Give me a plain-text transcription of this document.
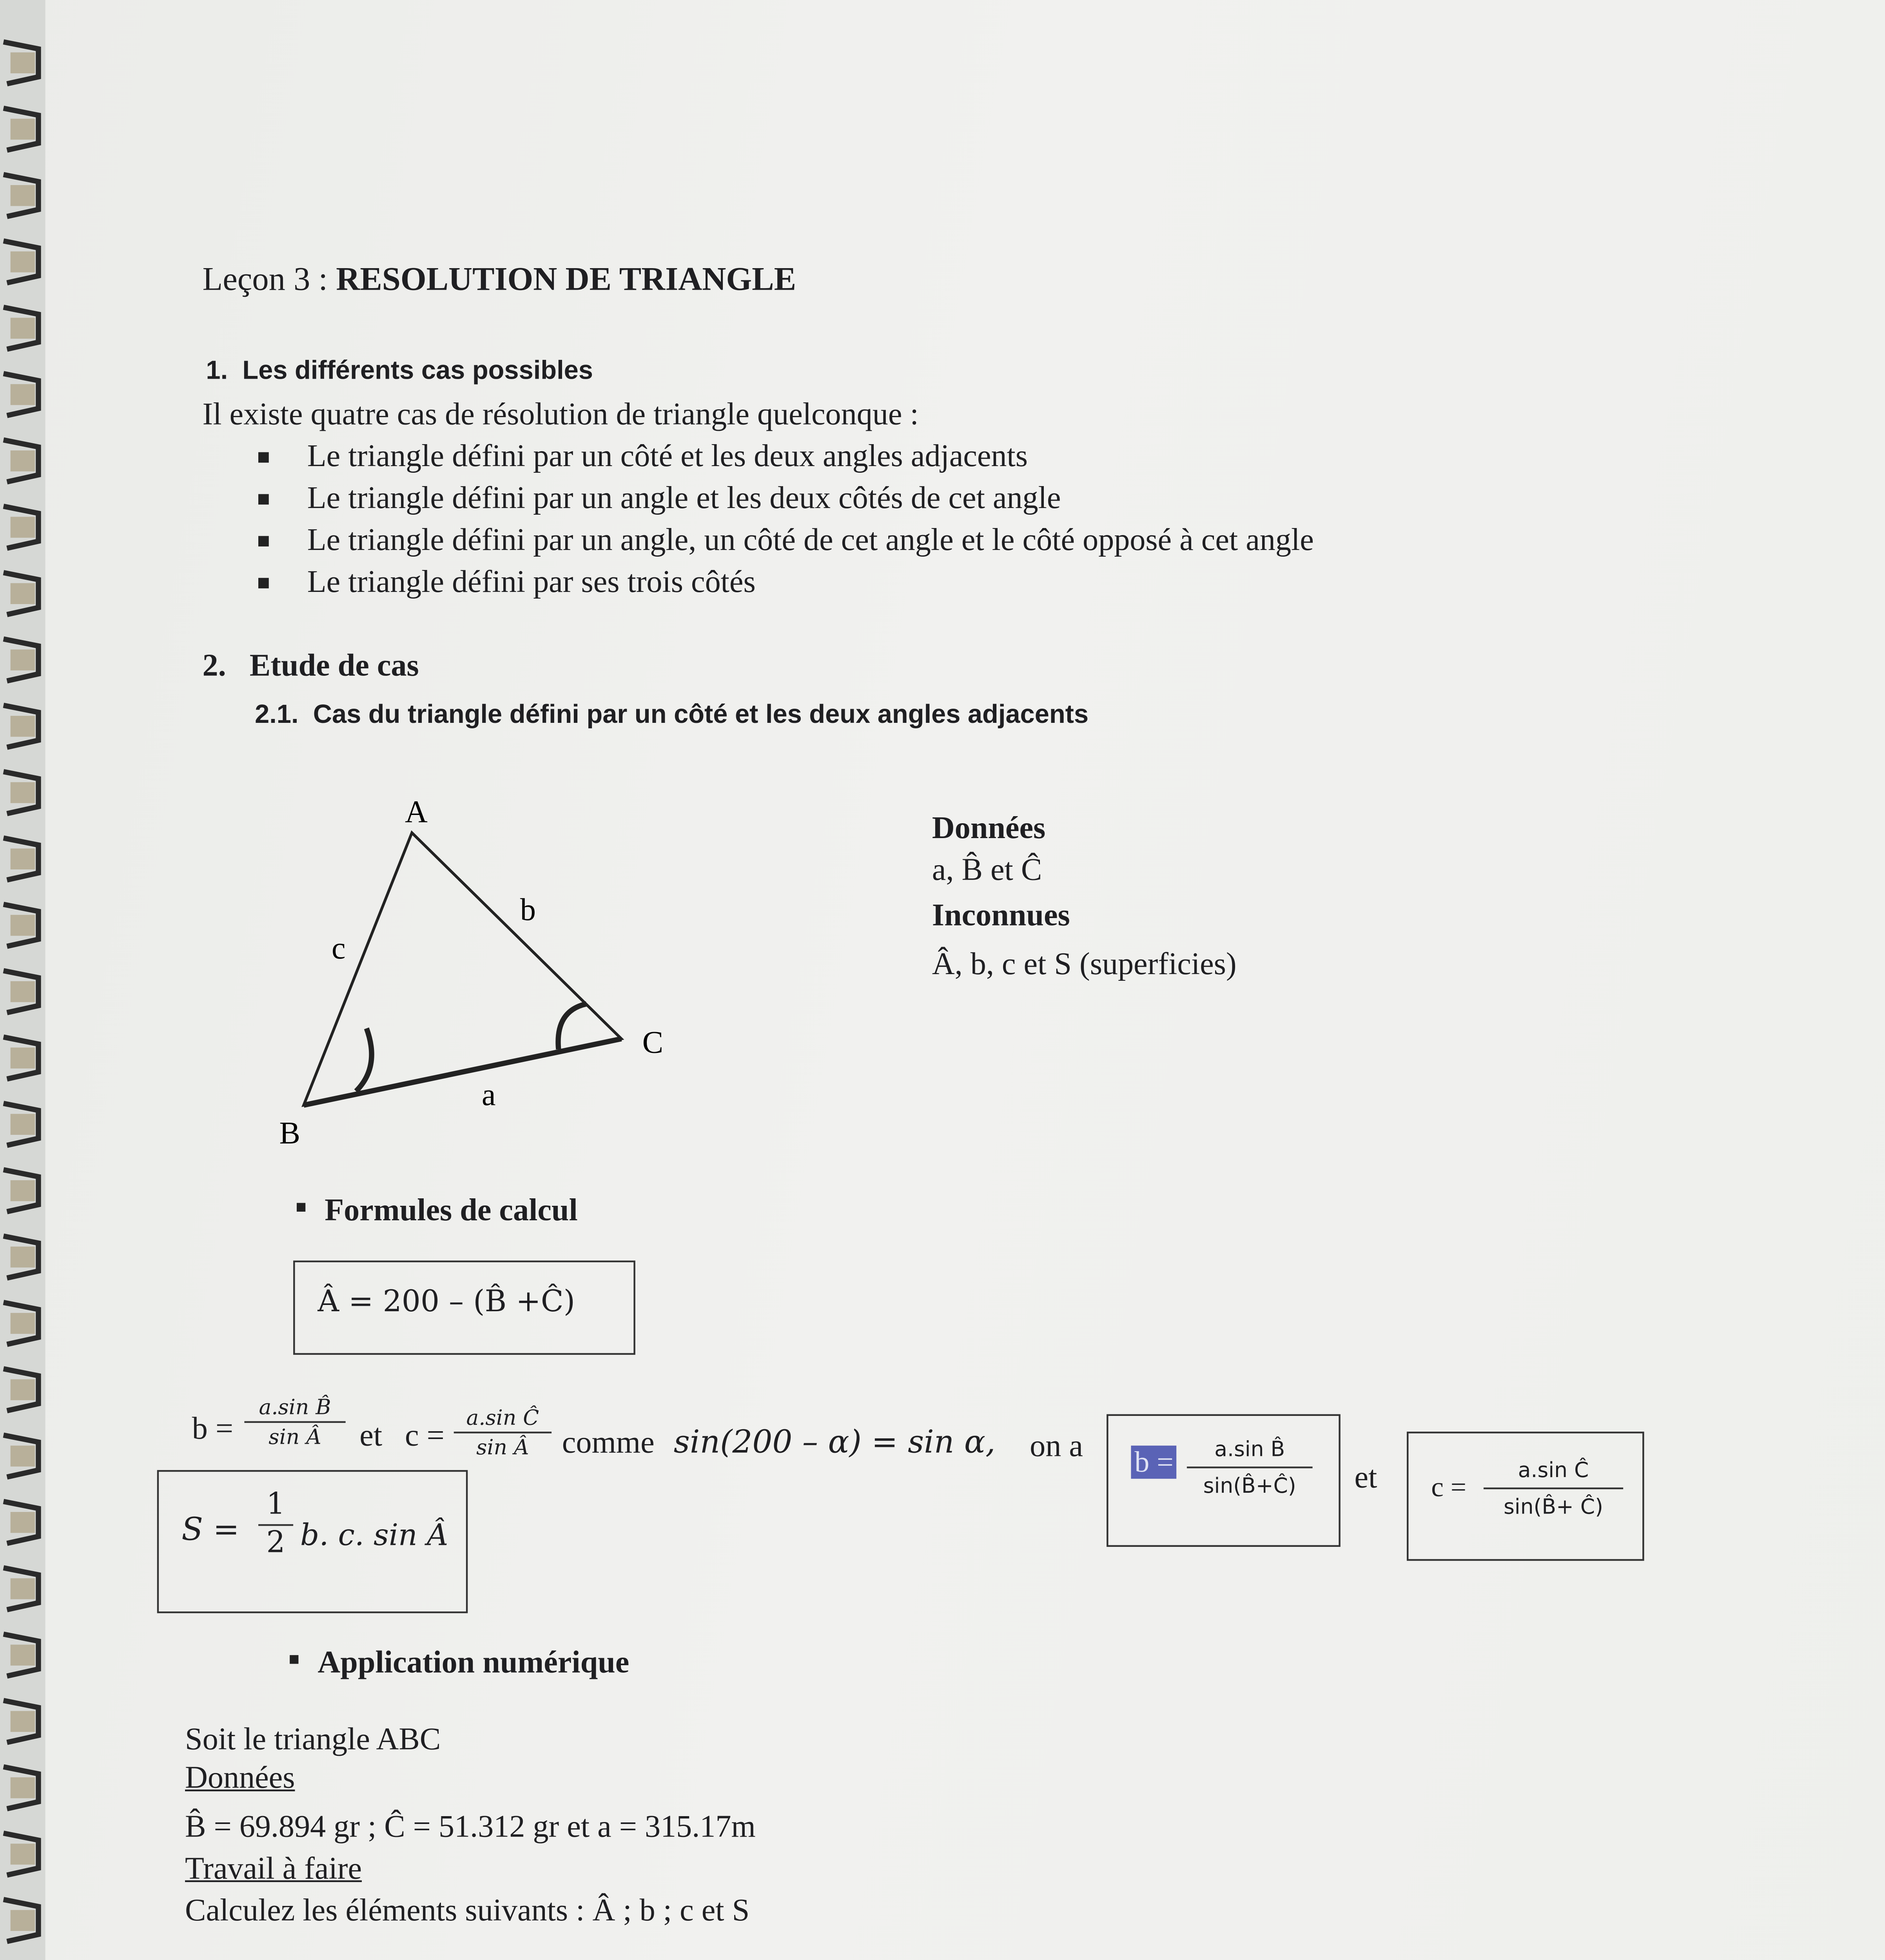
Leçon 3 : RESOLUTION DE TRIANGLE
1. Les différents cas possibles
Il existe quatre cas de résolution de triangle quelconque :
Le triangle défini par un côté et les deux angles adjacents
Le triangle défini par un angle et les deux côtés de cet angle
Le triangle défini par un angle, un côté de cet angle et le côté opposé à cet angle
Le triangle défini par ses trois côtés
2.	Etude de cas
2.1. Cas du triangle défini par un côté et les deux angles adjacents
A
B
C
a
b
c
Données
a, B̂ et Ĉ
Inconnues
Â, b, c et S (superficies)
Formules de calcul
Â = 200 – (B̂ +Ĉ)
b =
a.sin B̂
sin Â	et	c =
a.sin Ĉ
sin Â	comme	sin(200 – α) = sin α,	on a	b =	a.sin B̂
sin(B̂+Ĉ)	et	c =
a.sin Ĉ
sin(B̂+ Ĉ)
S =
1
2	b. c. sin Â
Application numérique
Soit le triangle ABC
Données
B̂ = 69.894 gr ; Ĉ = 51.312 gr et a = 315.17m
Travail à faire
Calculez les éléments suivants : Â ; b ; c et S
